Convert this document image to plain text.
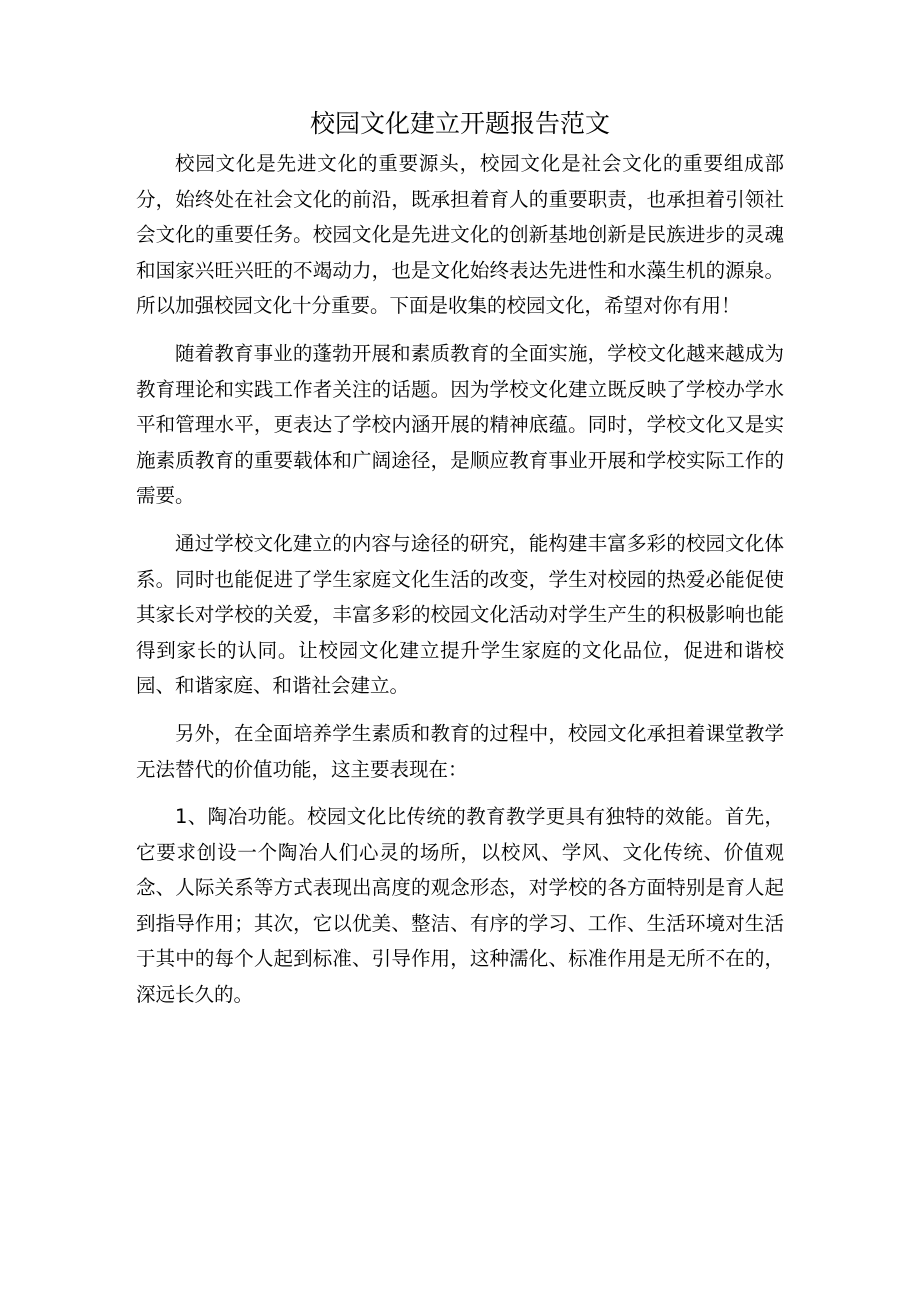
校园文化建立开题报告范文

校园文化是先进文化的重要源头，校园文化是社会文化的重要组成部分，始终处在社会文化的前沿，既承担着育人的重要职责，也承担着引领社会文化的重要任务。校园文化是先进文化的创新基地创新是民族进步的灵魂和国家兴旺兴旺的不竭动力，也是文化始终表达先进性和水藻生机的源泉。所以加强校园文化十分重要。下面是收集的校园文化，希望对你有用！

随着教育事业的蓬勃开展和素质教育的全面实施，学校文化越来越成为教育理论和实践工作者关注的话题。因为学校文化建立既反映了学校办学水平和管理水平，更表达了学校内涵开展的精神底蕴。同时，学校文化又是实施素质教育的重要载体和广阔途径，是顺应教育事业开展和学校实际工作的需要。

通过学校文化建立的内容与途径的研究，能构建丰富多彩的校园文化体系。同时也能促进了学生家庭文化生活的改变，学生对校园的热爱必能促使其家长对学校的关爱，丰富多彩的校园文化活动对学生产生的积极影响也能得到家长的认同。让校园文化建立提升学生家庭的文化品位，促进和谐校园、和谐家庭、和谐社会建立。

另外，在全面培养学生素质和教育的过程中，校园文化承担着课堂教学无法替代的价值功能，这主要表现在：

1、陶冶功能。校园文化比传统的教育教学更具有独特的效能。首先，它要求创设一个陶冶人们心灵的场所，以校风、学风、文化传统、价值观念、人际关系等方式表现出高度的观念形态，对学校的各方面特别是育人起到指导作用；其次，它以优美、整洁、有序的学习、工作、生活环境对生活于其中的每个人起到标准、引导作用，这种濡化、标准作用是无所不在的，深远长久的。
